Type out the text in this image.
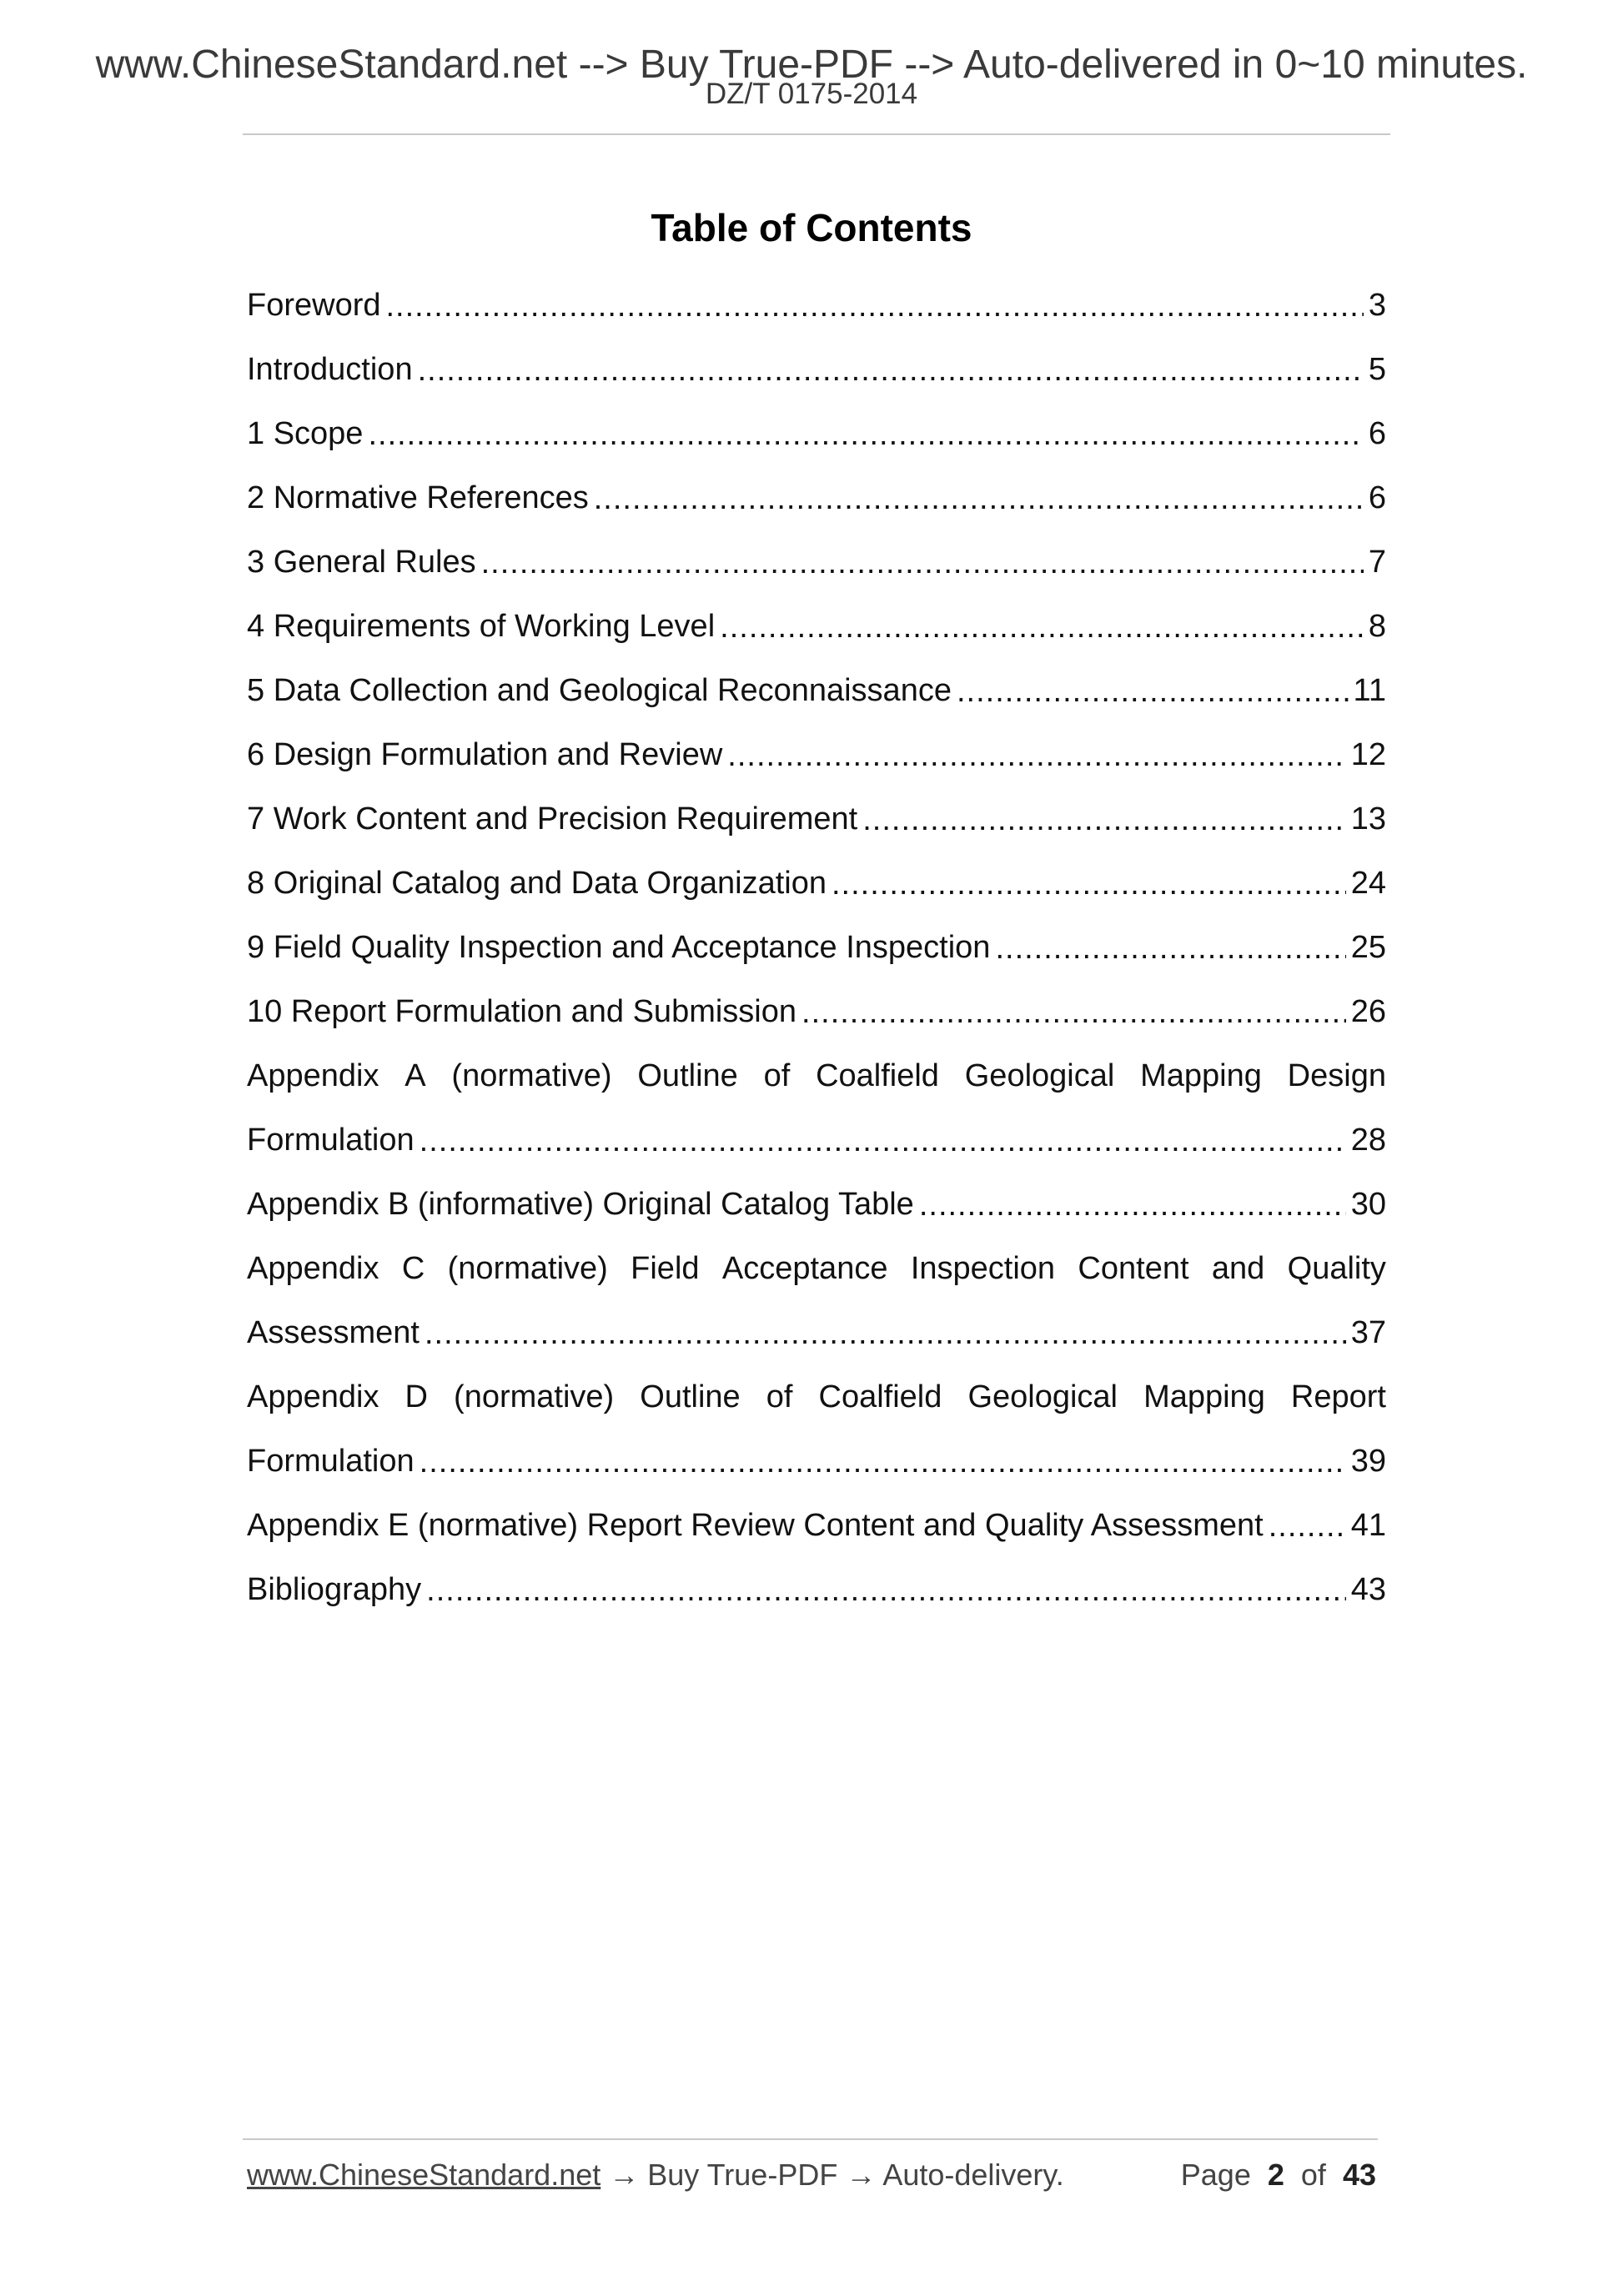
www.ChineseStandard.net --> Buy True-PDF --> Auto-delivered in 0~10 minutes.
DZ/T 0175-2014
Table of Contents
Foreword .....	3
Introduction .....	5
1 Scope .....	6
2 Normative References .....	6
3 General Rules .....	7
4 Requirements of Working Level .....	8
5 Data Collection and Geological Reconnaissance .....	11
6 Design Formulation and Review .....	12
7 Work Content and Precision Requirement .....	13
8 Original Catalog and Data Organization .....	24
9 Field Quality Inspection and Acceptance Inspection .....	25
10 Report Formulation and Submission .....	26
Appendix A (normative) Outline of Coalfield Geological Mapping Design
Formulation .....	28
Appendix B (informative) Original Catalog Table .....	30
Appendix C (normative) Field Acceptance Inspection Content and Quality
Assessment .....	37
Appendix D (normative) Outline of Coalfield Geological Mapping Report
Formulation .....	39
Appendix E (normative) Report Review Content and Quality Assessment .....	41
Bibliography .....	43
www.ChineseStandard.net → Buy True-PDF → Auto-delivery.	Page 2 of 43
